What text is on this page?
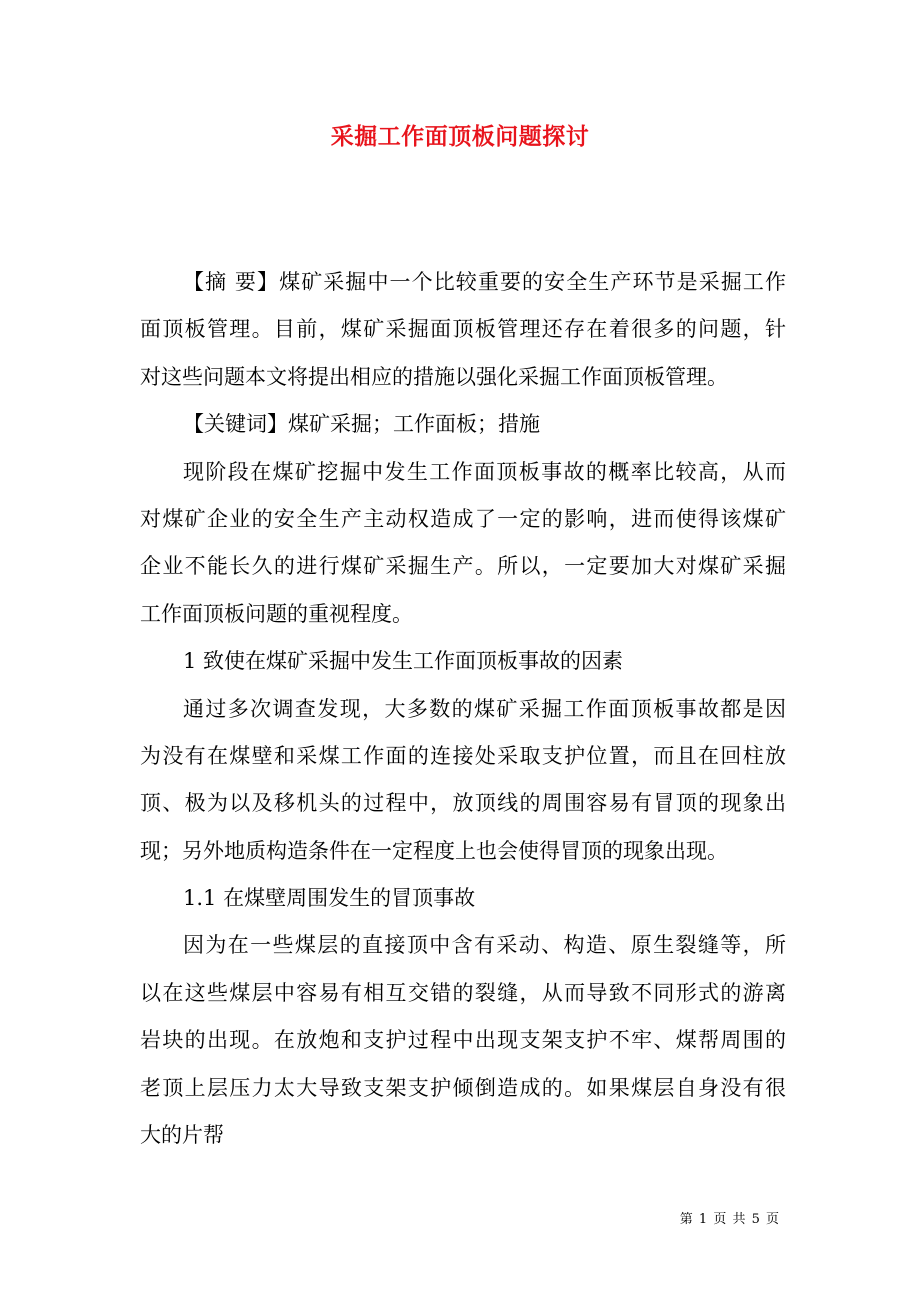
采掘工作面顶板问题探讨
【摘 要】煤矿采掘中一个比较重要的安全生产环节是采掘工作
面顶板管理。目前，煤矿采掘面顶板管理还存在着很多的问题，针
对这些问题本文将提出相应的措施以强化采掘工作面顶板管理。
【关键词】煤矿采掘；工作面板；措施
现阶段在煤矿挖掘中发生工作面顶板事故的概率比较高，从而
对煤矿企业的安全生产主动权造成了一定的影响，进而使得该煤矿
企业不能长久的进行煤矿采掘生产。所以，一定要加大对煤矿采掘
工作面顶板问题的重视程度。
1 致使在煤矿采掘中发生工作面顶板事故的因素
通过多次调查发现，大多数的煤矿采掘工作面顶板事故都是因
为没有在煤壁和采煤工作面的连接处采取支护位置，而且在回柱放
顶、极为以及移机头的过程中，放顶线的周围容易有冒顶的现象出
现；另外地质构造条件在一定程度上也会使得冒顶的现象出现。
1.1 在煤壁周围发生的冒顶事故
因为在一些煤层的直接顶中含有采动、构造、原生裂缝等，所
以在这些煤层中容易有相互交错的裂缝，从而导致不同形式的游离
岩块的出现。在放炮和支护过程中出现支架支护不牢、煤帮周围的
老顶上层压力太大导致支架支护倾倒造成的。如果煤层自身没有很
大的片帮
第 1 页 共 5 页
